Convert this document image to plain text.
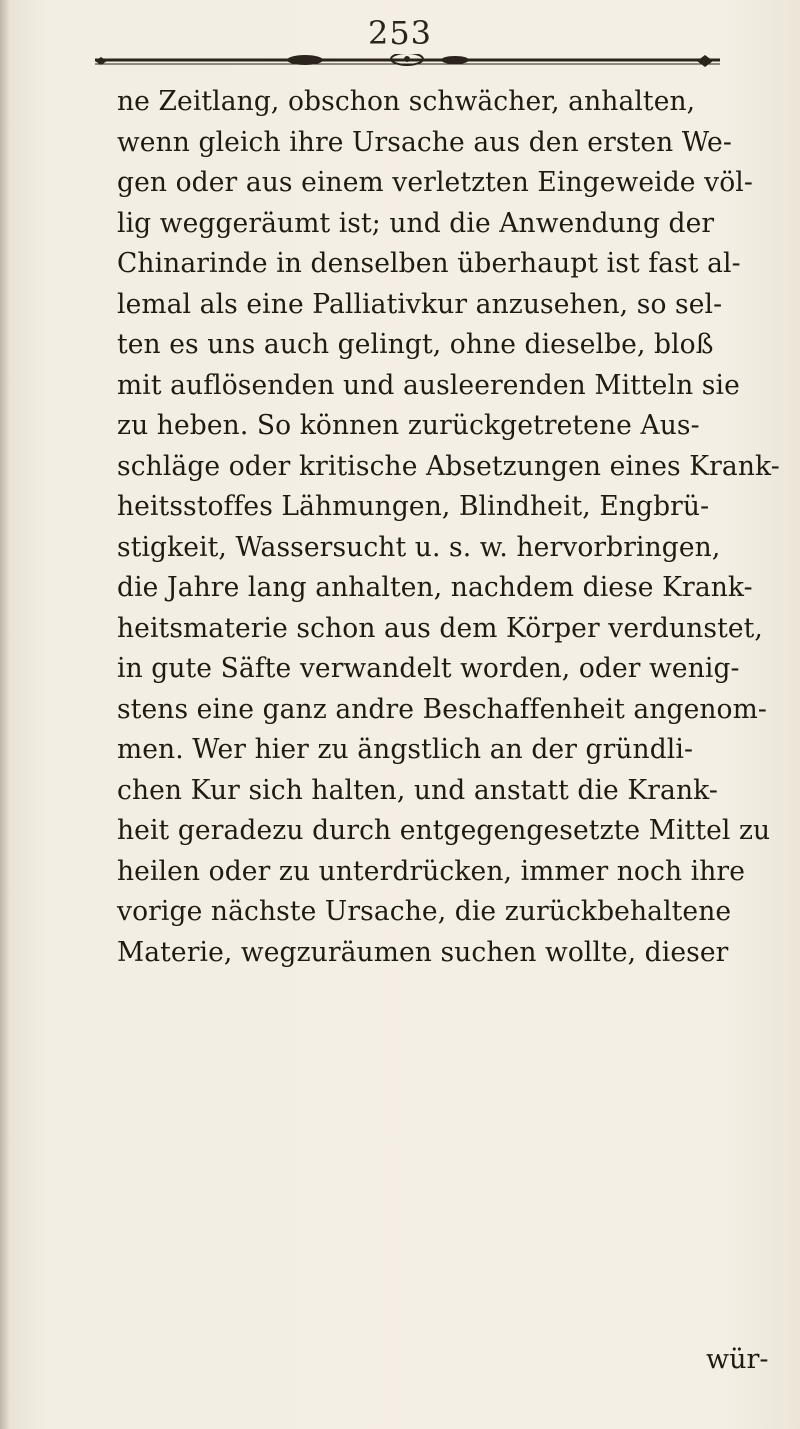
253
ne Zeitlang, obschon schwächer, anhalten,
wenn gleich ihre Ursache aus den ersten We-
gen oder aus einem verletzten Eingeweide völ-
lig weggeräumt ist; und die Anwendung der
Chinarinde in denselben überhaupt ist fast al-
lemal als eine Palliativkur anzusehen, so sel-
ten es uns auch gelingt, ohne dieselbe, bloß
mit auflösenden und ausleerenden Mitteln sie
zu heben. So können zurückgetretene Aus-
schläge oder kritische Absetzungen eines Krank-
heitsstoffes Lähmungen, Blindheit, Engbrü-
stigkeit, Wassersucht u. s. w. hervorbringen,
die Jahre lang anhalten, nachdem diese Krank-
heitsmaterie schon aus dem Körper verdunstet,
in gute Säfte verwandelt worden, oder wenig-
stens eine ganz andre Beschaffenheit angenom-
men. Wer hier zu ängstlich an der gründli-
chen Kur sich halten, und anstatt die Krank-
heit geradezu durch entgegengesetzte Mittel zu
heilen oder zu unterdrücken, immer noch ihre
vorige nächste Ursache, die zurückbehaltene
Materie, wegzuräumen suchen wollte, dieser
wür-
